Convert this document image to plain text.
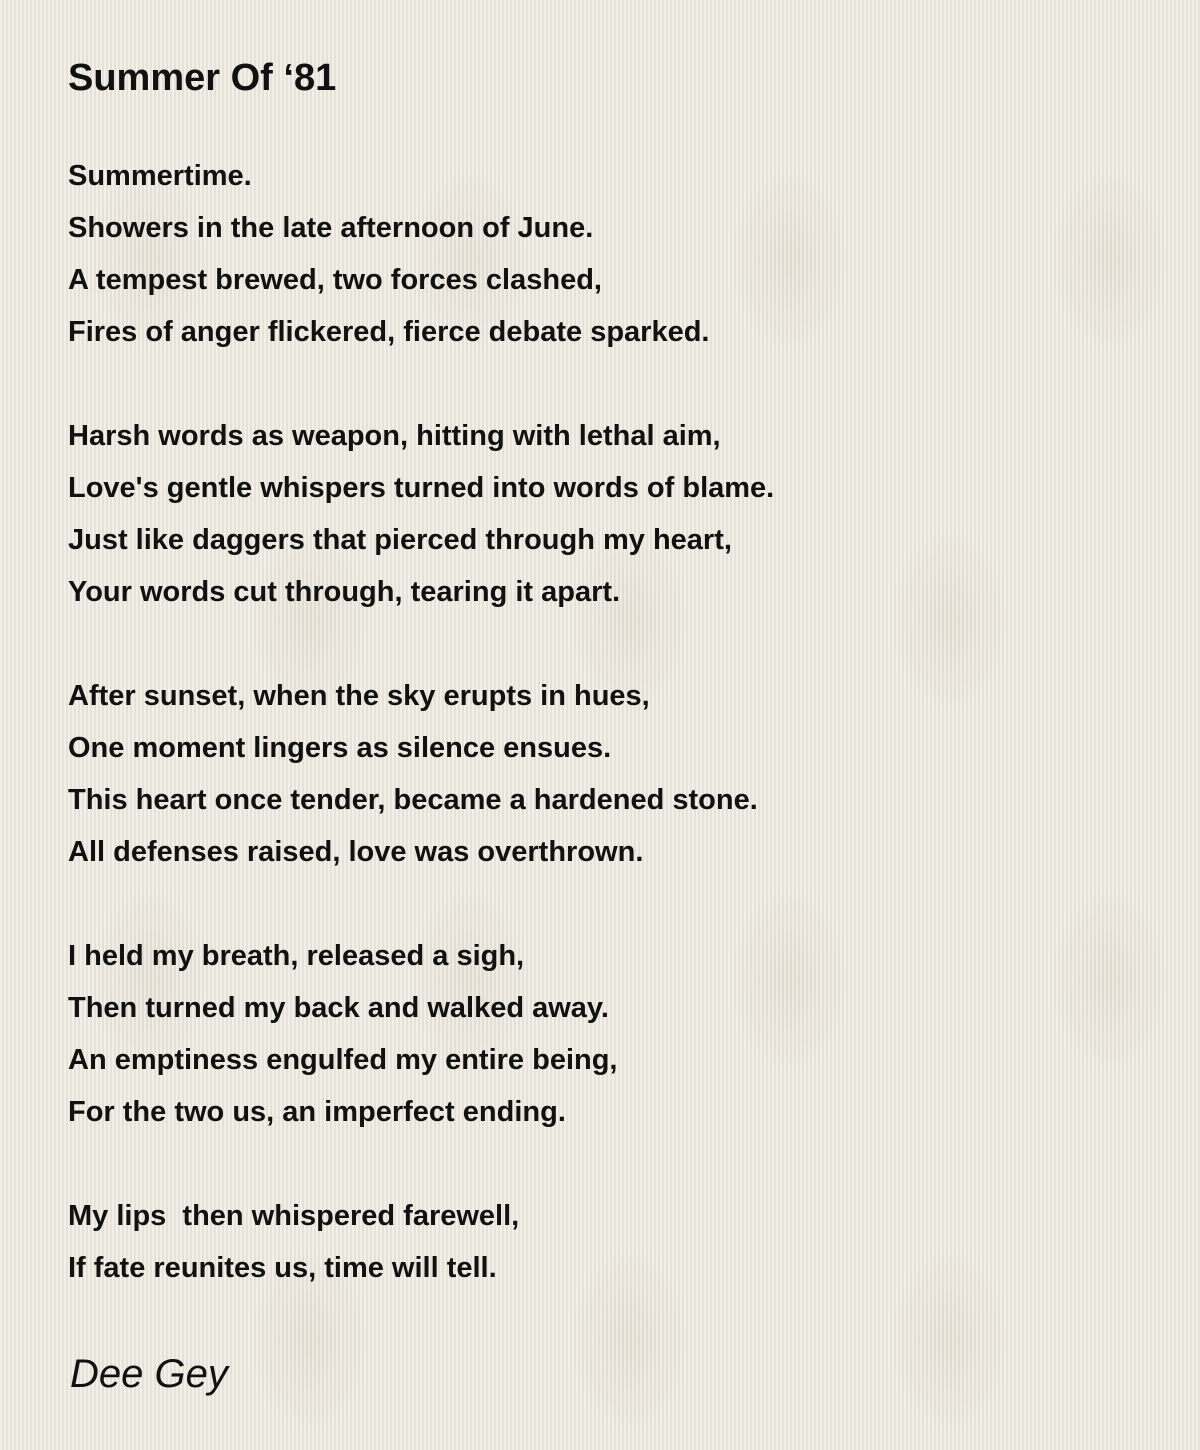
Summer Of ‘81
Summertime.
Showers in the late afternoon of June.
A tempest brewed, two forces clashed,
Fires of anger flickered, fierce debate sparked.
Harsh words as weapon, hitting with lethal aim,
Love's gentle whispers turned into words of blame.
Just like daggers that pierced through my heart,
Your words cut through, tearing it apart.
After sunset, when the sky erupts in hues,
One moment lingers as silence ensues.
This heart once tender, became a hardened stone.
All defenses raised, love was overthrown.
I held my breath, released a sigh,
Then turned my back and walked away.
An emptiness engulfed my entire being,
For the two us, an imperfect ending.
My lips  then whispered farewell,
If fate reunites us, time will tell.
Dee Gey
